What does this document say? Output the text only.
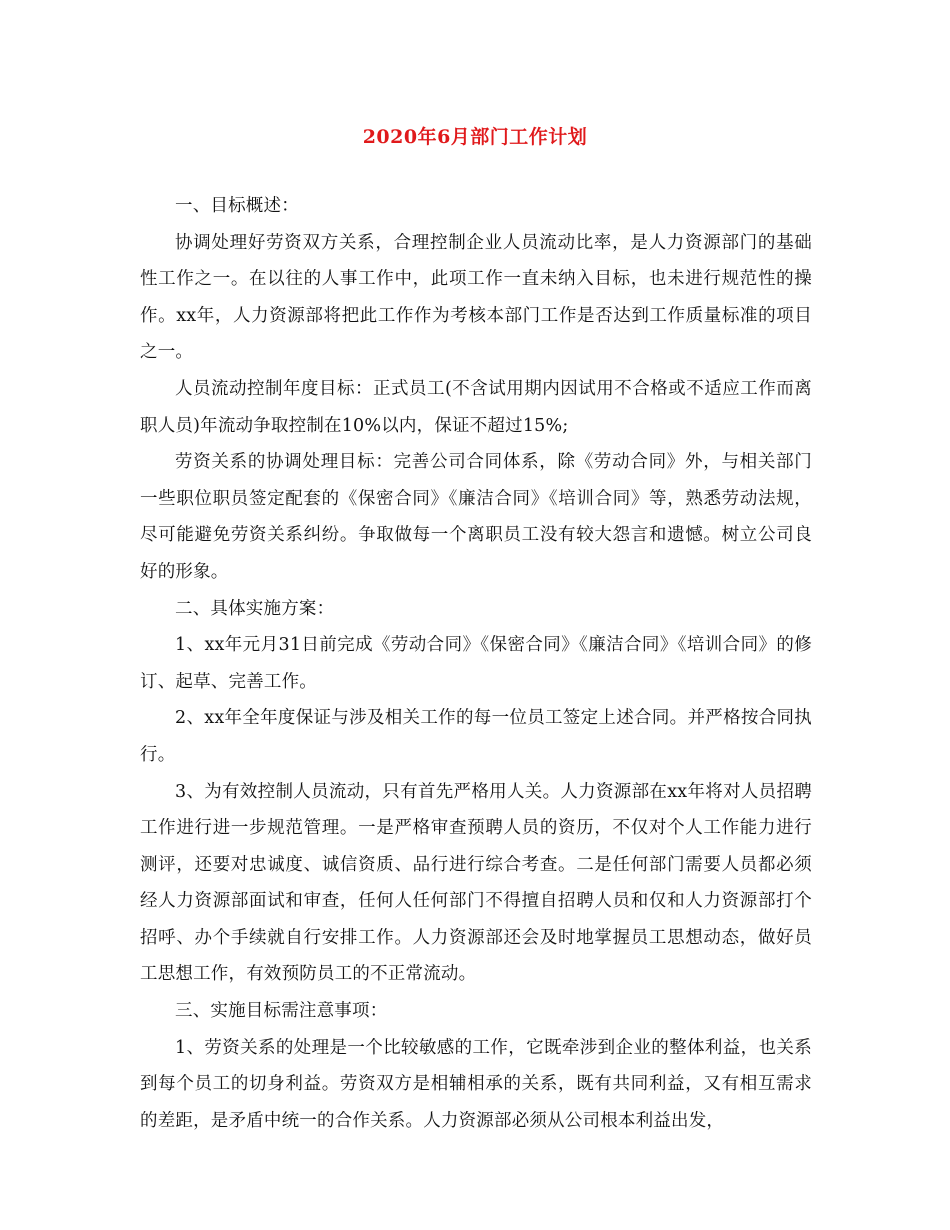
2020年6月部门工作计划

一、目标概述：

协调处理好劳资双方关系，合理控制企业人员流动比率，是人力资源部门的基础性工作之一。在以往的人事工作中，此项工作一直未纳入目标，也未进行规范性的操作。xx年，人力资源部将把此工作作为考核本部门工作是否达到工作质量标准的项目之一。

人员流动控制年度目标：正式员工(不含试用期内因试用不合格或不适应工作而离职人员)年流动争取控制在10%以内，保证不超过15%;

劳资关系的协调处理目标：完善公司合同体系，除《劳动合同》外，与相关部门一些职位职员签定配套的《保密合同》《廉洁合同》《培训合同》等，熟悉劳动法规，尽可能避免劳资关系纠纷。争取做每一个离职员工没有较大怨言和遗憾。树立公司良好的形象。

二、具体实施方案：

1、xx年元月31日前完成《劳动合同》《保密合同》《廉洁合同》《培训合同》的修订、起草、完善工作。

2、xx年全年度保证与涉及相关工作的每一位员工签定上述合同。并严格按合同执行。

3、为有效控制人员流动，只有首先严格用人关。人力资源部在xx年将对人员招聘工作进行进一步规范管理。一是严格审查预聘人员的资历，不仅对个人工作能力进行测评，还要对忠诚度、诚信资质、品行进行综合考查。二是任何部门需要人员都必须经人力资源部面试和审查，任何人任何部门不得擅自招聘人员和仅和人力资源部打个招呼、办个手续就自行安排工作。人力资源部还会及时地掌握员工思想动态，做好员工思想工作，有效预防员工的不正常流动。

三、实施目标需注意事项：

1、劳资关系的处理是一个比较敏感的工作，它既牵涉到企业的整体利益，也关系到每个员工的切身利益。劳资双方是相辅相承的关系，既有共同利益，又有相互需求的差距，是矛盾中统一的合作关系。人力资源部必须从公司根本利益出发，
